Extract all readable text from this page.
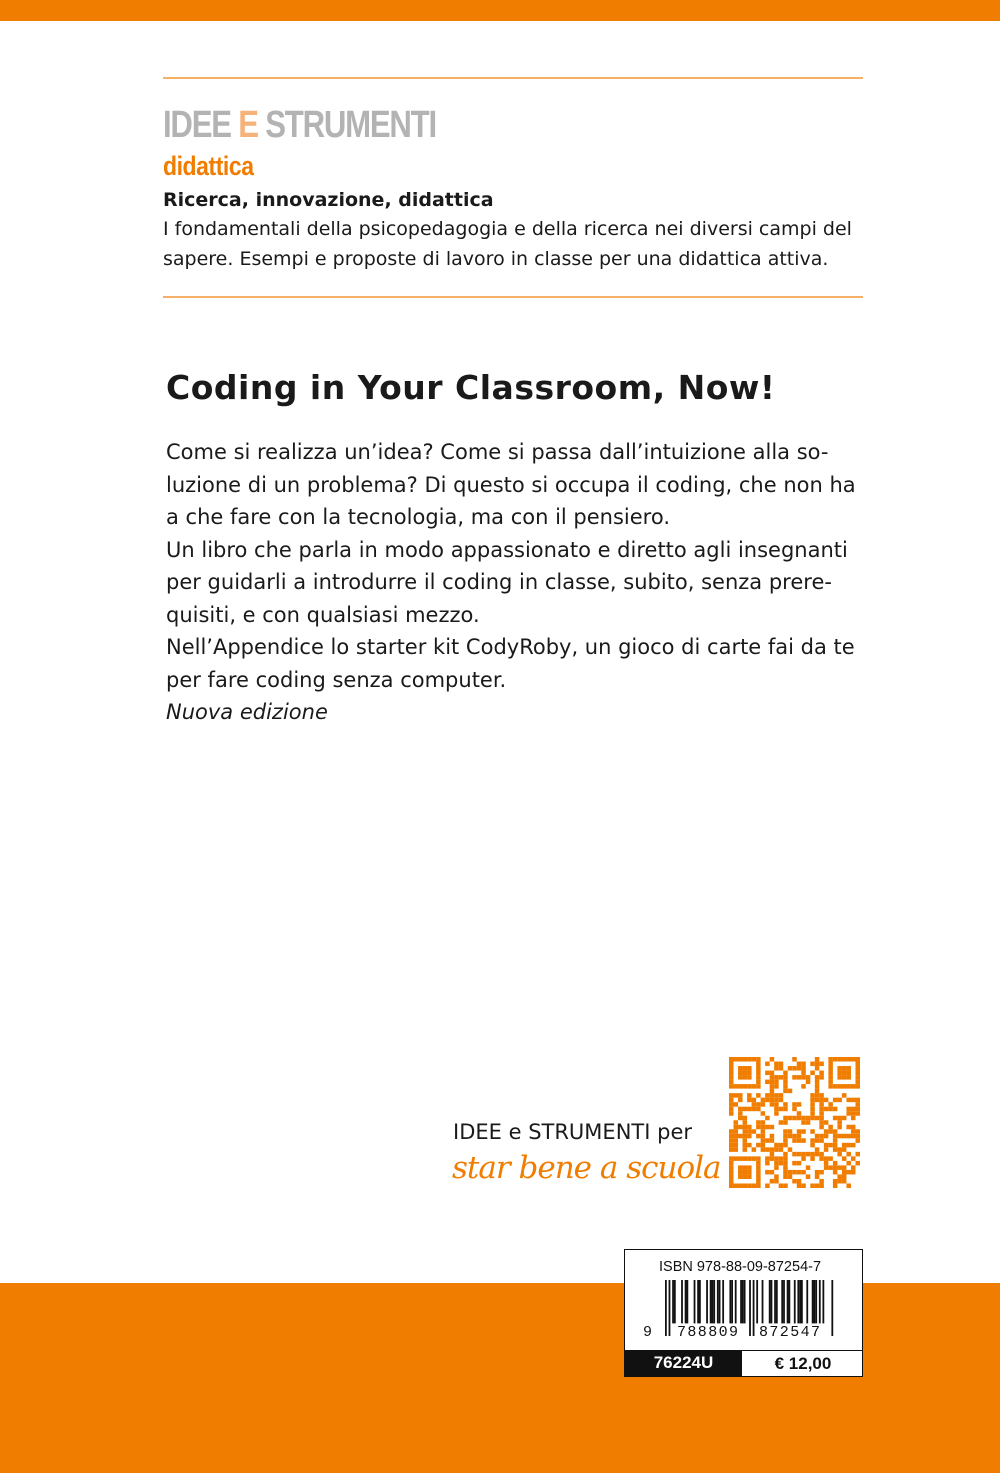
IDEE E STRUMENTI
didattica
Ricerca, innovazione, didattica

I fondamentali della psicopedagogia e della ricerca nei diversi campi del sapere. Esempi e proposte di lavoro in classe per una didattica attiva.

Coding in Your Classroom, Now!

Come si realizza un’idea? Come si passa dall’intuizione alla so-luzione di un problema? Di questo si occupa il coding, che non ha a che fare con la tecnologia, ma con il pensiero.

Un libro che parla in modo appassionato e diretto agli insegnanti per guidarli a introdurre il coding in classe, subito, senza prere-quisiti, e con qualsiasi mezzo.

Nell’Appendice lo starter kit CodyRoby, un gioco di carte fai da te per fare coding senza computer.

Nuova edizione

IDEE e STRUMENTI per
star bene a scuola
ISBN 978-88-09-87254-7
9 788809 872547
76224U	€ 12,00
